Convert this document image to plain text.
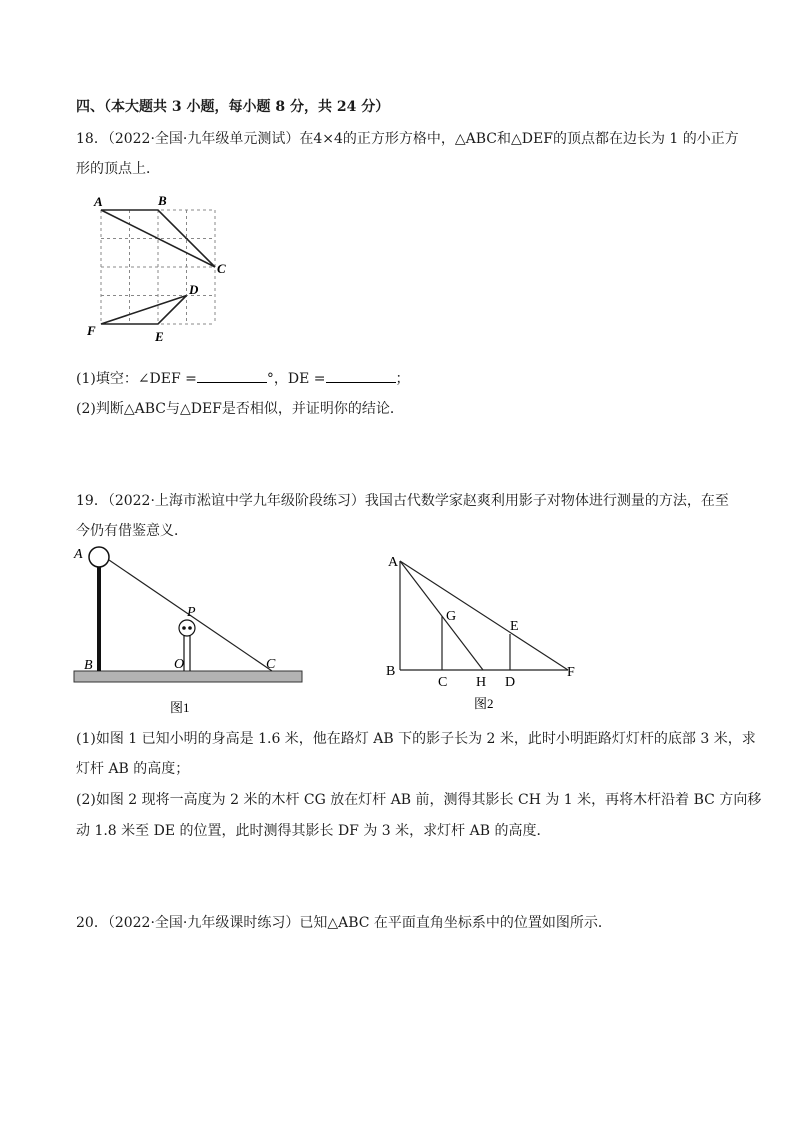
四、（本大题共 3 小题，每小题 8 分，共 24 分）
18．（2022·全国·九年级单元测试）在4×4的正方形方格中，△ABC和△DEF的顶点都在边长为 1 的小正方
形的顶点上．
A	B
C
D
E
F
(1)填空：∠DEF =	°，DE =	；
(2)判断△ABC与△DEF是否相似，并证明你的结论．
19．（2022·上海市淞谊中学九年级阶段练习）我国古代数学家赵爽利用影子对物体进行测量的方法，在至
今仍有借鉴意义．
A
B	C
O
P
图1
A
B
C	D
E
F
G
H
图2
(1)如图 1 已知小明的身高是 1.6 米，他在路灯 AB 下的影子长为 2 米，此时小明距路灯灯杆的底部 3 米，求
灯杆 AB 的高度；
(2)如图 2 现将一高度为 2 米的木杆 CG 放在灯杆 AB 前，测得其影长 CH 为 1 米，再将木杆沿着 BC 方向移
动 1.8 米至 DE 的位置，此时测得其影长 DF 为 3 米，求灯杆 AB 的高度．
20．（2022·全国·九年级课时练习）已知△ABC 在平面直角坐标系中的位置如图所示．
